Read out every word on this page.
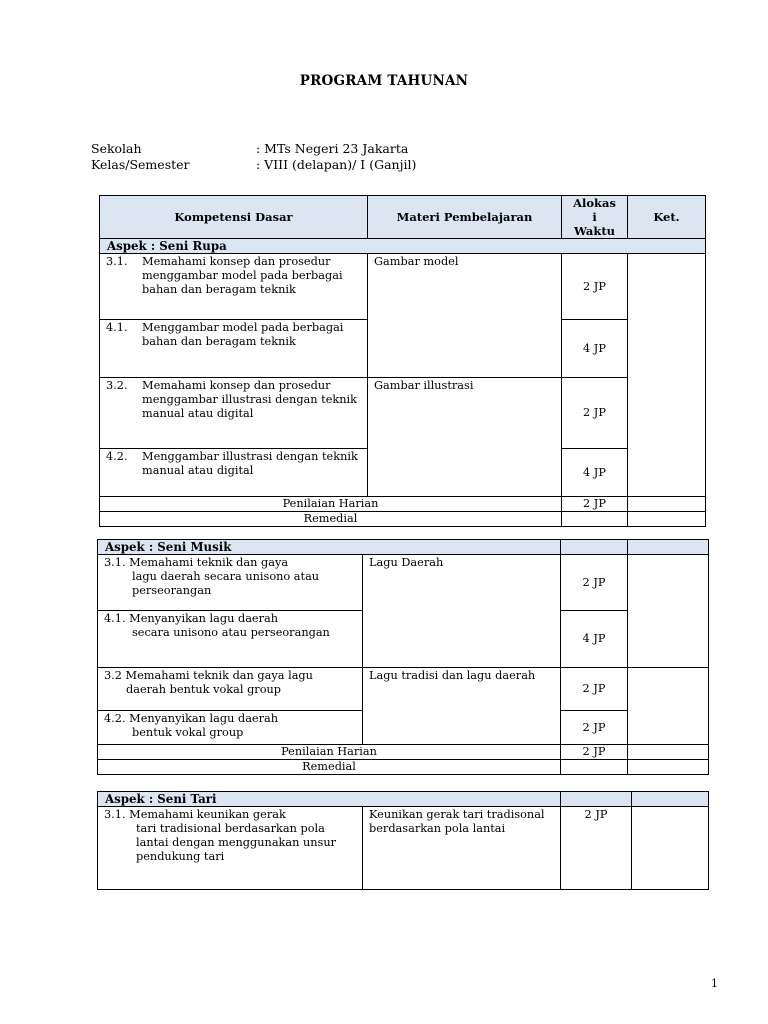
PROGRAM TAHUNAN
Sekolah	: MTs Negeri 23 Jakarta
Kelas/Semester	: VIII (delapan)/ I (Ganjil)
Kompetensi Dasar	Materi Pembelajaran	Alokas
i
Waktu	Ket.
Aspek : Seni Rupa			

3.1. Memahami konsep dan prosedur menggambar model pada berbagai bahan dan beragam teknik	Gambar model	2 JP	

4.1. Menggambar model pada berbagai bahan dan beragam teknik		4 JP	

3.2. Memahami konsep dan prosedur menggambar illustrasi dengan teknik manual atau digital	Gambar illustrasi	2 JP	

4.2. Menggambar illustrasi dengan teknik manual atau digital		4 JP	
Penilaian Harian		2 JP	
Remedial			
Aspek : Seni Musik			

3.1. Memahami teknik dan gaya
lagu daerah secara unisono atau perseorangan	Lagu Daerah	2 JP	

4.1. Menyanyikan lagu daerah
secara unisono atau perseorangan		4 JP	

3.2 Memahami teknik dan gaya lagu
daerah bentuk vokal group	Lagu tradisi dan lagu daerah	2 JP	

4.2. Menyanyikan lagu daerah
bentuk vokal group		2 JP	
Penilaian Harian		2 JP	
Remedial			
Aspek : Seni Tari			

3.1. Memahami keunikan gerak
tari tradisional berdasarkan pola lantai dengan menggunakan unsur pendukung tari	Keunikan gerak tari tradisonal berdasarkan pola lantai	2 JP	
1
